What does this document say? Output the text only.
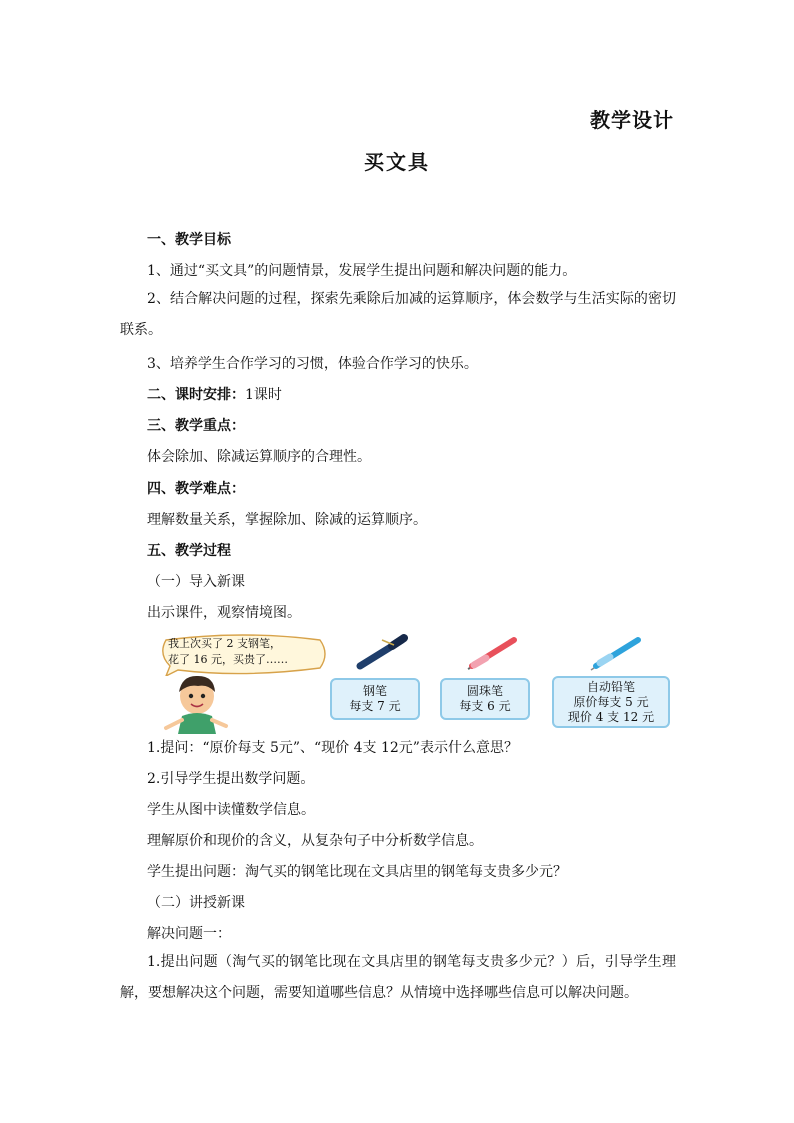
教学设计
买文具
一、教学目标
1、通过“买文具”的问题情景，发展学生提出问题和解决问题的能力。
2、结合解决问题的过程，探索先乘除后加减的运算顺序，体会数学与生活实际的密切联系。
3、培养学生合作学习的习惯，体验合作学习的快乐。
二、课时安排：1课时
三、教学重点：
体会除加、除减运算顺序的合理性。
四、教学难点：
理解数量关系，掌握除加、除减的运算顺序。
五、教学过程
（一）导入新课
出示课件，观察情境图。
我上次买了 2 支钢笔，
花了 16 元，买贵了……
钢笔
每支 7 元
圆珠笔
每支 6 元
自动铅笔
原价每支 5 元
现价 4 支 12 元
1.提问：“原价每支 5元”、“现价 4支 12元”表示什么意思？
2.引导学生提出数学问题。
学生从图中读懂数学信息。
理解原价和现价的含义，从复杂句子中分析数学信息。
学生提出问题：淘气买的钢笔比现在文具店里的钢笔每支贵多少元？
（二）讲授新课
解决问题一：
1.提出问题（淘气买的钢笔比现在文具店里的钢笔每支贵多少元？）后，引导学生理解，要想解决这个问题，需要知道哪些信息？从情境中选择哪些信息可以解决问题。
